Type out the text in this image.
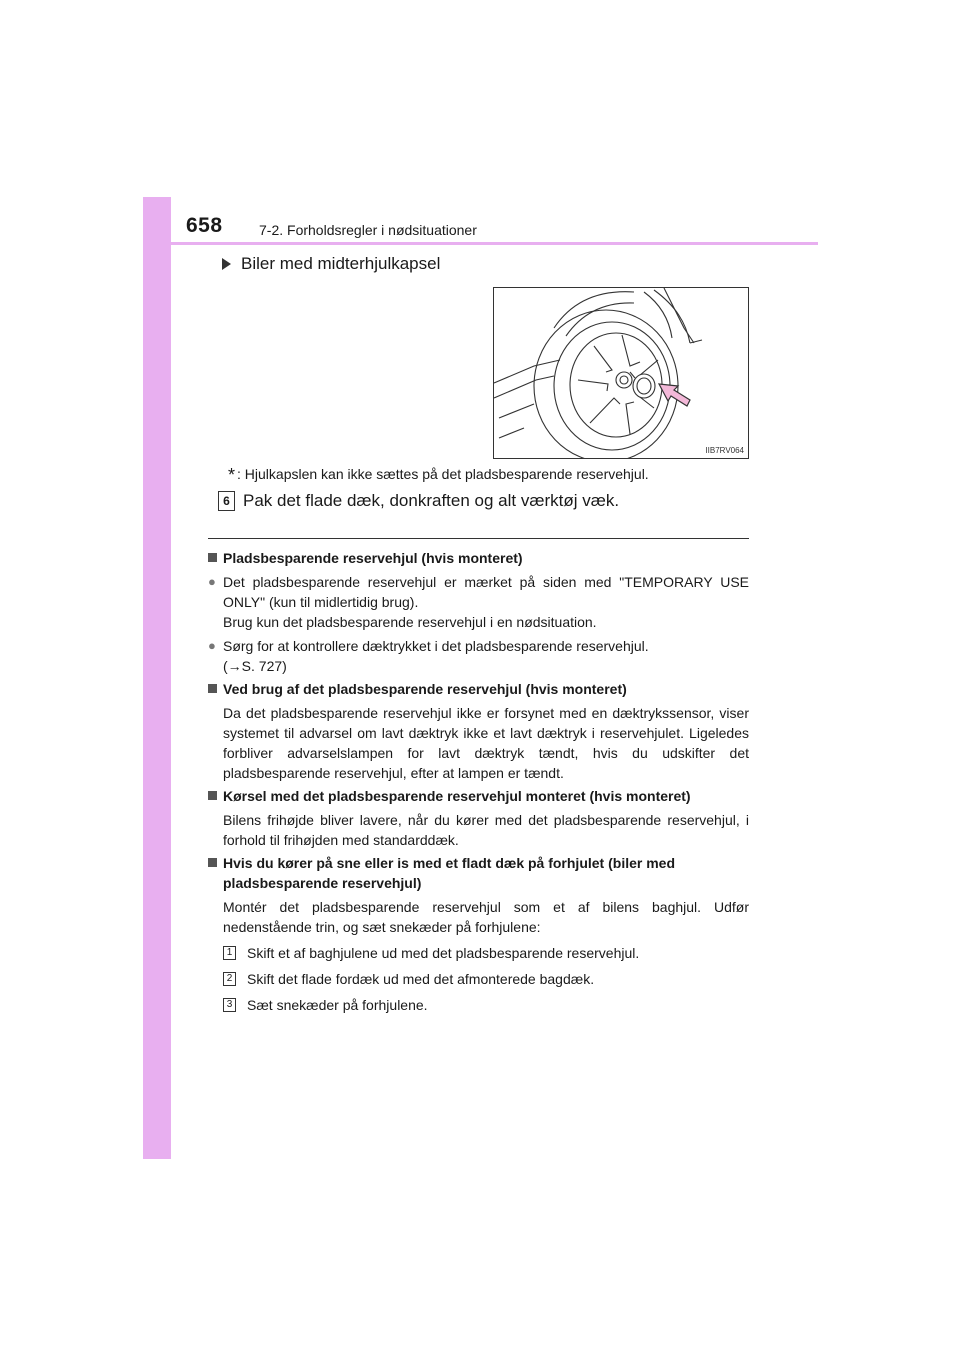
658	7-2. Forholdsregler i nødsituationer
Biler med midterhjulkapsel
IIB7RV064
* : Hjulkapslen kan ikke sættes på det pladsbesparende reservehjul.
6 Pak det flade dæk, donkraften og alt værktøj væk.
Pladsbesparende reservehjul (hvis monteret)
● Det pladsbesparende reservehjul er mærket på siden med "TEMPORARY USE ONLY" (kun til midlertidig brug).
Brug kun det pladsbesparende reservehjul i en nødsituation.
● Sørg for at kontrollere dæktrykket i det pladsbesparende reservehjul.
(→S. 727)
Ved brug af det pladsbesparende reservehjul (hvis monteret)
Da det pladsbesparende reservehjul ikke er forsynet med en dæktrykssensor, viser systemet til advarsel om lavt dæktryk ikke et lavt dæktryk i reservehjulet. Ligeledes forbliver advarselslampen for lavt dæktryk tændt, hvis du udskifter det pladsbesparende reservehjul, efter at lampen er tændt.
Kørsel med det pladsbesparende reservehjul monteret (hvis monteret)
Bilens frihøjde bliver lavere, når du kører med det pladsbesparende reservehjul, i forhold til frihøjden med standarddæk.
Hvis du kører på sne eller is med et fladt dæk på forhjulet (biler med pladsbesparende reservehjul)
Montér det pladsbesparende reservehjul som et af bilens baghjul. Udfør nedenstående trin, og sæt snekæder på forhjulene:
1 Skift et af baghjulene ud med det pladsbesparende reservehjul.
2 Skift det flade fordæk ud med det afmonterede bagdæk.
3 Sæt snekæder på forhjulene.
